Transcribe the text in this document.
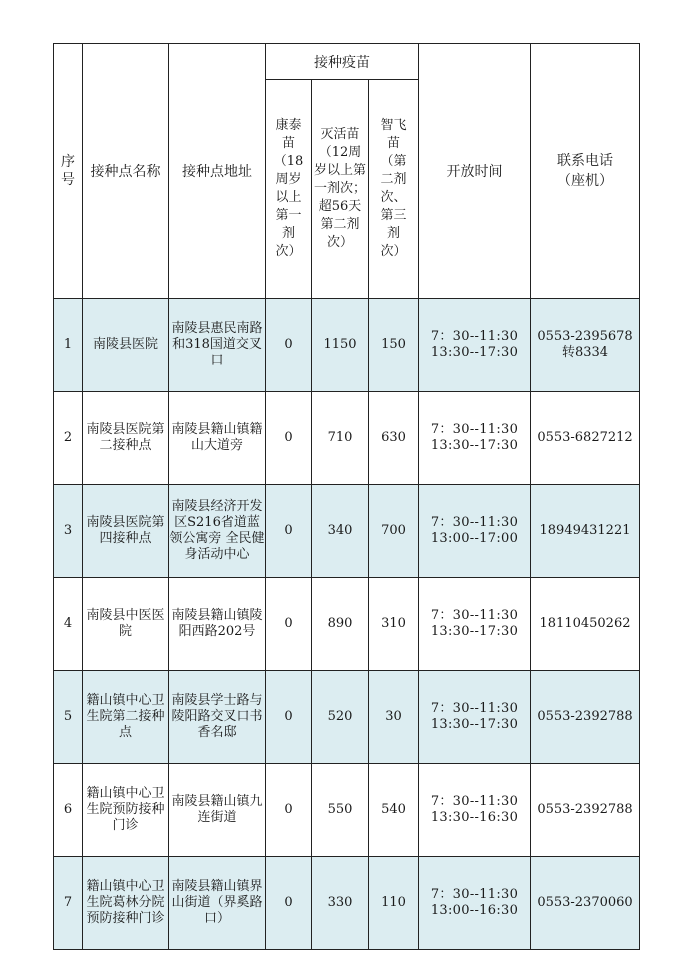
序号	接种点名称	接种点地址	接种疫苗			开放时间	联系电话（座机）

			康泰苗（18周岁以上第一剂次）	灭活苗（12周岁以上第一剂次；超56天第二剂次）	智飞苗（第二剂次、第三剂次）		

1	南陵县医院	南陵县惠民南路和318国道交叉口	0	1150	150	7：30--11:30
13:30--17:30	0553-2395678转8334
2	南陵县医院第二接种点	南陵县籍山镇籍山大道旁	0	710	630	7：30--11:30
13:30--17:30	0553-6827212
3	南陵县医院第四接种点	南陵县经济开发区S216省道蓝领公寓旁 全民健身活动中心	0	340	700	7：30--11:30
13:00--17:00	18949431221
4	南陵县中医医院	南陵县籍山镇陵阳西路202号	0	890	310	7：30--11:30
13:30--17:30	18110450262
5	籍山镇中心卫生院第二接种点	南陵县学士路与陵阳路交叉口书香名邸	0	520	30	7：30--11:30
13:30--17:30	0553-2392788
6	籍山镇中心卫生院预防接种门诊	南陵县籍山镇九连街道	0	550	540	7：30--11:30
13:30--16:30	0553-2392788
7	籍山镇中心卫生院葛林分院预防接种门诊	南陵县籍山镇界山街道（界奚路口）	0	330	110	7：30--11:30
13:00--16:30	0553-2370060
